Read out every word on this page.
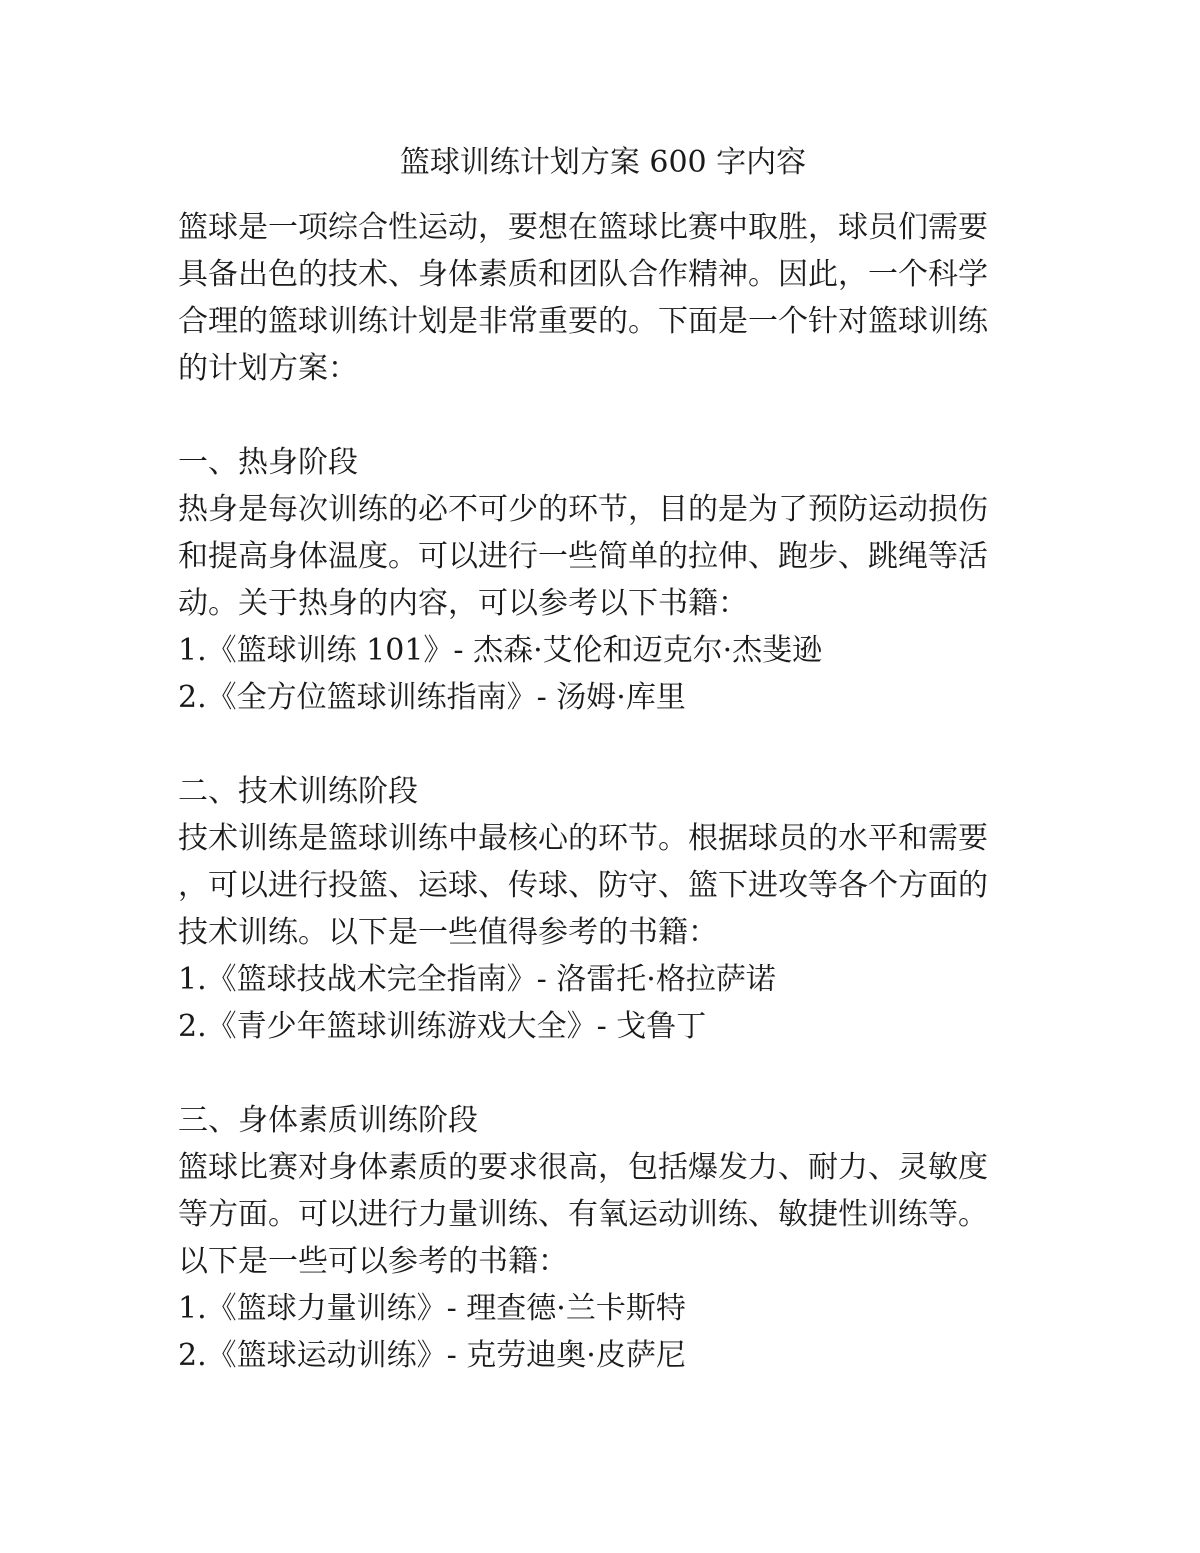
篮球训练计划方案 600 字内容

篮球是一项综合性运动，要想在篮球比赛中取胜，球员们需要

具备出色的技术、身体素质和团队合作精神。因此，一个科学

合理的篮球训练计划是非常重要的。下面是一个针对篮球训练

的计划方案：

一、热身阶段

热身是每次训练的必不可少的环节，目的是为了预防运动损伤

和提高身体温度。可以进行一些简单的拉伸、跑步、跳绳等活

动。关于热身的内容，可以参考以下书籍：

1.《篮球训练 101》- 杰森·艾伦和迈克尔·杰斐逊
2.《全方位篮球训练指南》- 汤姆·库里
二、技术训练阶段

技术训练是篮球训练中最核心的环节。根据球员的水平和需要

，可以进行投篮、运球、传球、防守、篮下进攻等各个方面的

技术训练。以下是一些值得参考的书籍：

1.《篮球技战术完全指南》- 洛雷托·格拉萨诺
2.《青少年篮球训练游戏大全》- 戈鲁丁
三、身体素质训练阶段

篮球比赛对身体素质的要求很高，包括爆发力、耐力、灵敏度

等方面。可以进行力量训练、有氧运动训练、敏捷性训练等。

以下是一些可以参考的书籍：

1.《篮球力量训练》- 理查德·兰卡斯特
2.《篮球运动训练》- 克劳迪奥·皮萨尼
